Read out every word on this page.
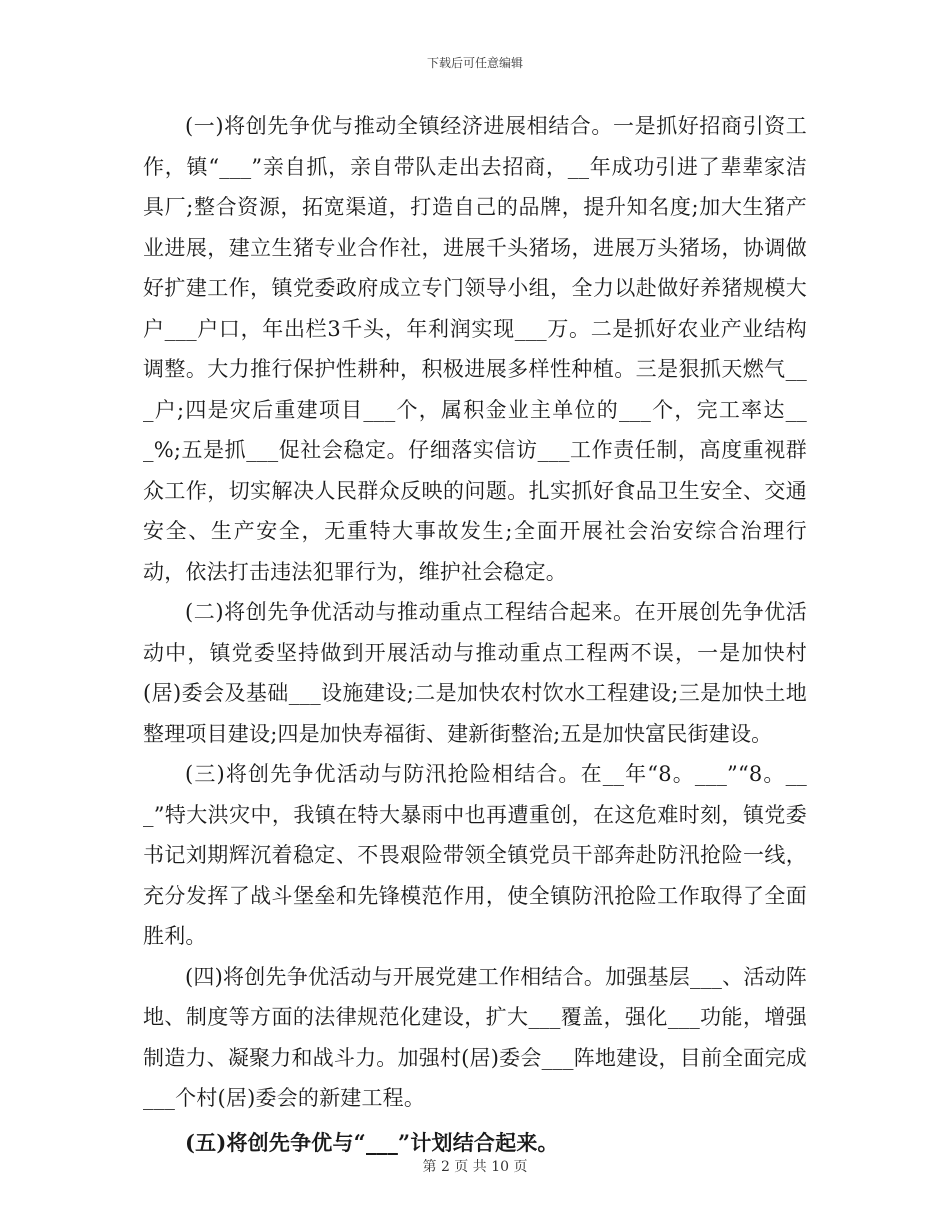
下载后可任意编辑

(一)将创先争优与推动全镇经济进展相结合。一是抓好招商引资工作，镇“___”亲自抓，亲自带队走出去招商，__年成功引进了辈辈家洁具厂;整合资源，拓宽渠道，打造自己的品牌，提升知名度;加大生猪产业进展，建立生猪专业合作社，进展千头猪场，进展万头猪场，协调做好扩建工作，镇党委政府成立专门领导小组，全力以赴做好养猪规模大户___户口，年出栏3千头，年利润实现___万。二是抓好农业产业结构调整。大力推行保护性耕种，积极进展多样性种植。三是狠抓天燃气___户;四是灾后重建项目___个，属积金业主单位的___个，完工率达___%;五是抓___促社会稳定。仔细落实信访___工作责任制，高度重视群众工作，切实解决人民群众反映的问题。扎实抓好食品卫生安全、交通安全、生产安全，无重特大事故发生;全面开展社会治安综合治理行动，依法打击违法犯罪行为，维护社会稳定。

(二)将创先争优活动与推动重点工程结合起来。在开展创先争优活动中，镇党委坚持做到开展活动与推动重点工程两不误，一是加快村(居)委会及基础___设施建设;二是加快农村饮水工程建设;三是加快土地整理项目建设;四是加快寿福街、建新街整治;五是加快富民街建设。

(三)将创先争优活动与防汛抢险相结合。在__年“8。___”“8。___”特大洪灾中，我镇在特大暴雨中也再遭重创，在这危难时刻，镇党委书记刘期辉沉着稳定、不畏艰险带领全镇党员干部奔赴防汛抢险一线，充分发挥了战斗堡垒和先锋模范作用，使全镇防汛抢险工作取得了全面胜利。

(四)将创先争优活动与开展党建工作相结合。加强基层___、活动阵地、制度等方面的法律规范化建设，扩大___覆盖，强化___功能，增强制造力、凝聚力和战斗力。加强村(居)委会___阵地建设，目前全面完成___个村(居)委会的新建工程。

(五)将创先争优与“___”计划结合起来。

第 2 页 共 10 页
